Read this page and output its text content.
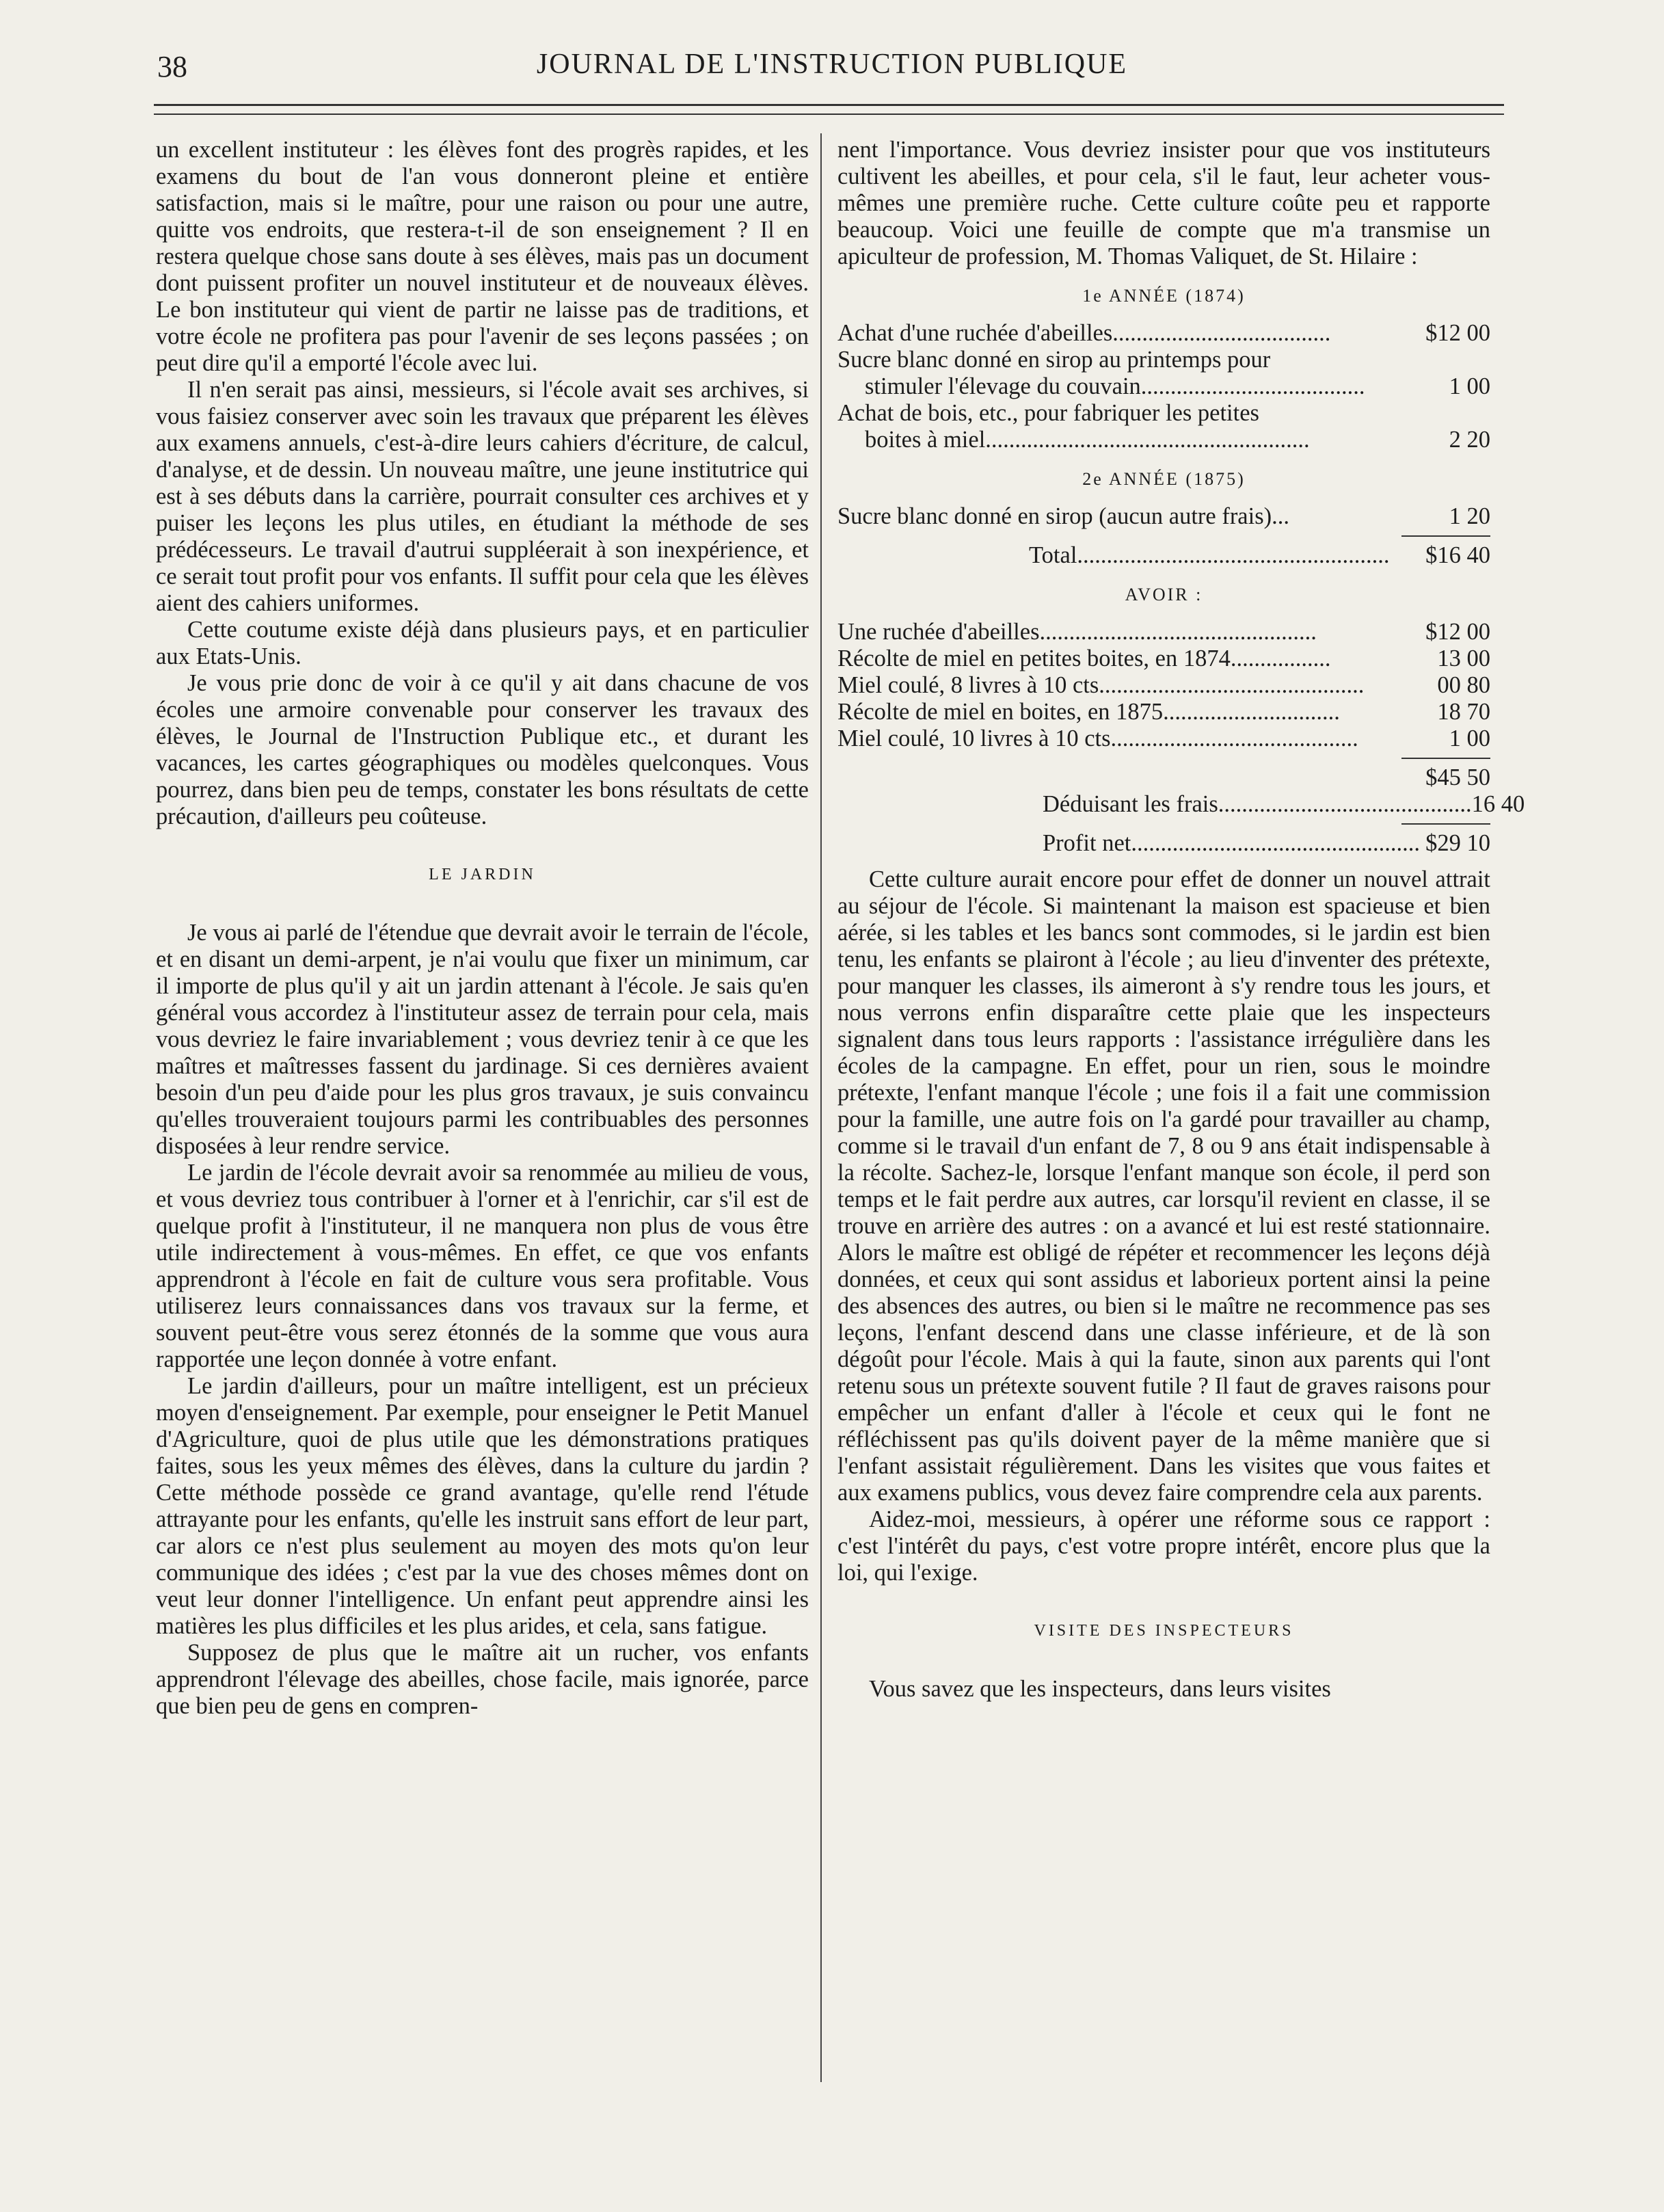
38	JOURNAL DE L'INSTRUCTION PUBLIQUE

un excellent instituteur : les élèves font des progrès rapides, et les examens du bout de l'an vous donneront pleine et entière satisfaction, mais si le maître, pour une raison ou pour une autre, quitte vos endroits, que restera-t-il de son enseignement ? Il en restera quelque chose sans doute à ses élèves, mais pas un document dont puissent profiter un nouvel instituteur et de nouveaux élèves. Le bon instituteur qui vient de partir ne laisse pas de traditions, et votre école ne profitera pas pour l'avenir de ses leçons passées ; on peut dire qu'il a emporté l'école avec lui.

Il n'en serait pas ainsi, messieurs, si l'école avait ses archives, si vous faisiez conserver avec soin les travaux que préparent les élèves aux examens annuels, c'est-à-dire leurs cahiers d'écriture, de calcul, d'analyse, et de dessin. Un nouveau maître, une jeune institutrice qui est à ses débuts dans la carrière, pourrait consulter ces archives et y puiser les leçons les plus utiles, en étudiant la méthode de ses prédécesseurs. Le travail d'autrui suppléerait à son inexpérience, et ce serait tout profit pour vos enfants. Il suffit pour cela que les élèves aient des cahiers uniformes.

Cette coutume existe déjà dans plusieurs pays, et en particulier aux Etats-Unis.

Je vous prie donc de voir à ce qu'il y ait dans chacune de vos écoles une armoire convenable pour conserver les travaux des élèves, le Journal de l'Instruction Publique etc., et durant les vacances, les cartes géographiques ou modèles quelconques. Vous pourrez, dans bien peu de temps, constater les bons résultats de cette précaution, d'ailleurs peu coûteuse.

LE JARDIN

Je vous ai parlé de l'étendue que devrait avoir le terrain de l'école, et en disant un demi-arpent, je n'ai voulu que fixer un minimum, car il importe de plus qu'il y ait un jardin attenant à l'école. Je sais qu'en général vous accordez à l'instituteur assez de terrain pour cela, mais vous devriez le faire invariablement ; vous devriez tenir à ce que les maîtres et maîtresses fassent du jardinage. Si ces dernières avaient besoin d'un peu d'aide pour les plus gros travaux, je suis convaincu qu'elles trouveraient toujours parmi les contribuables des personnes disposées à leur rendre service.

Le jardin de l'école devrait avoir sa renommée au milieu de vous, et vous devriez tous contribuer à l'orner et à l'enrichir, car s'il est de quelque profit à l'instituteur, il ne manquera non plus de vous être utile indirectement à vous-mêmes. En effet, ce que vos enfants apprendront à l'école en fait de culture vous sera profitable. Vous utiliserez leurs connaissances dans vos travaux sur la ferme, et souvent peut-être vous serez étonnés de la somme que vous aura rapportée une leçon donnée à votre enfant.

Le jardin d'ailleurs, pour un maître intelligent, est un précieux moyen d'enseignement. Par exemple, pour enseigner le Petit Manuel d'Agriculture, quoi de plus utile que les démonstrations pratiques faites, sous les yeux mêmes des élèves, dans la culture du jardin ? Cette méthode possède ce grand avantage, qu'elle rend l'étude attrayante pour les enfants, qu'elle les instruit sans effort de leur part, car alors ce n'est plus seulement au moyen des mots qu'on leur communique des idées ; c'est par la vue des choses mêmes dont on veut leur donner l'intelligence. Un enfant peut apprendre ainsi les matières les plus difficiles et les plus arides, et cela, sans fatigue.

Supposez de plus que le maître ait un rucher, vos enfants apprendront l'élevage des abeilles, chose facile, mais ignorée, parce que bien peu de gens en compren-

nent l'importance. Vous devriez insister pour que vos instituteurs cultivent les abeilles, et pour cela, s'il le faut, leur acheter vous-mêmes une première ruche. Cette culture coûte peu et rapporte beaucoup. Voici une feuille de compte que m'a transmise un apiculteur de profession, M. Thomas Valiquet, de St. Hilaire :

1e ANNÉE (1874)
Achat d'une ruchée d'abeilles.....................................	$12 00
Sucre blanc donné en sirop au printemps pour
stimuler l'élevage du couvain......................................	1 00
Achat de bois, etc., pour fabriquer les petites
boites à miel.......................................................	2 20
2e ANNÉE (1875)
Sucre blanc donné en sirop (aucun autre frais)...	1 20
Total.....................................................	$16 40
AVOIR :
Une ruchée d'abeilles...............................................	$12 00
Récolte de miel en petites boites, en 1874.................	13 00
Miel coulé, 8 livres à 10 cts.............................................	00 80
Récolte de miel en boites, en 1875..............................	18 70
Miel coulé, 10 livres à 10 cts..........................................	1 00
$45 50
Déduisant les frais........................................... 16 40
Profit net................................................. $29 10

Cette culture aurait encore pour effet de donner un nouvel attrait au séjour de l'école. Si maintenant la maison est spacieuse et bien aérée, si les tables et les bancs sont commodes, si le jardin est bien tenu, les enfants se plairont à l'école ; au lieu d'inventer des prétexte, pour manquer les classes, ils aimeront à s'y rendre tous les jours, et nous verrons enfin disparaître cette plaie que les inspecteurs signalent dans tous leurs rapports : l'assistance irrégulière dans les écoles de la campagne. En effet, pour un rien, sous le moindre prétexte, l'enfant manque l'école ; une fois il a fait une commission pour la famille, une autre fois on l'a gardé pour travailler au champ, comme si le travail d'un enfant de 7, 8 ou 9 ans était indispensable à la récolte. Sachez-le, lorsque l'enfant manque son école, il perd son temps et le fait perdre aux autres, car lorsqu'il revient en classe, il se trouve en arrière des autres : on a avancé et lui est resté stationnaire. Alors le maître est obligé de répéter et recommencer les leçons déjà données, et ceux qui sont assidus et laborieux portent ainsi la peine des absences des autres, ou bien si le maître ne recommence pas ses leçons, l'enfant descend dans une classe inférieure, et de là son dégoût pour l'école. Mais à qui la faute, sinon aux parents qui l'ont retenu sous un prétexte souvent futile ? Il faut de graves raisons pour empêcher un enfant d'aller à l'école et ceux qui le font ne réfléchissent pas qu'ils doivent payer de la même manière que si l'enfant assistait régulièrement. Dans les visites que vous faites et aux examens publics, vous devez faire comprendre cela aux parents.

Aidez-moi, messieurs, à opérer une réforme sous ce rapport : c'est l'intérêt du pays, c'est votre propre intérêt, encore plus que la loi, qui l'exige.

VISITE DES INSPECTEURS

Vous savez que les inspecteurs, dans leurs visites
